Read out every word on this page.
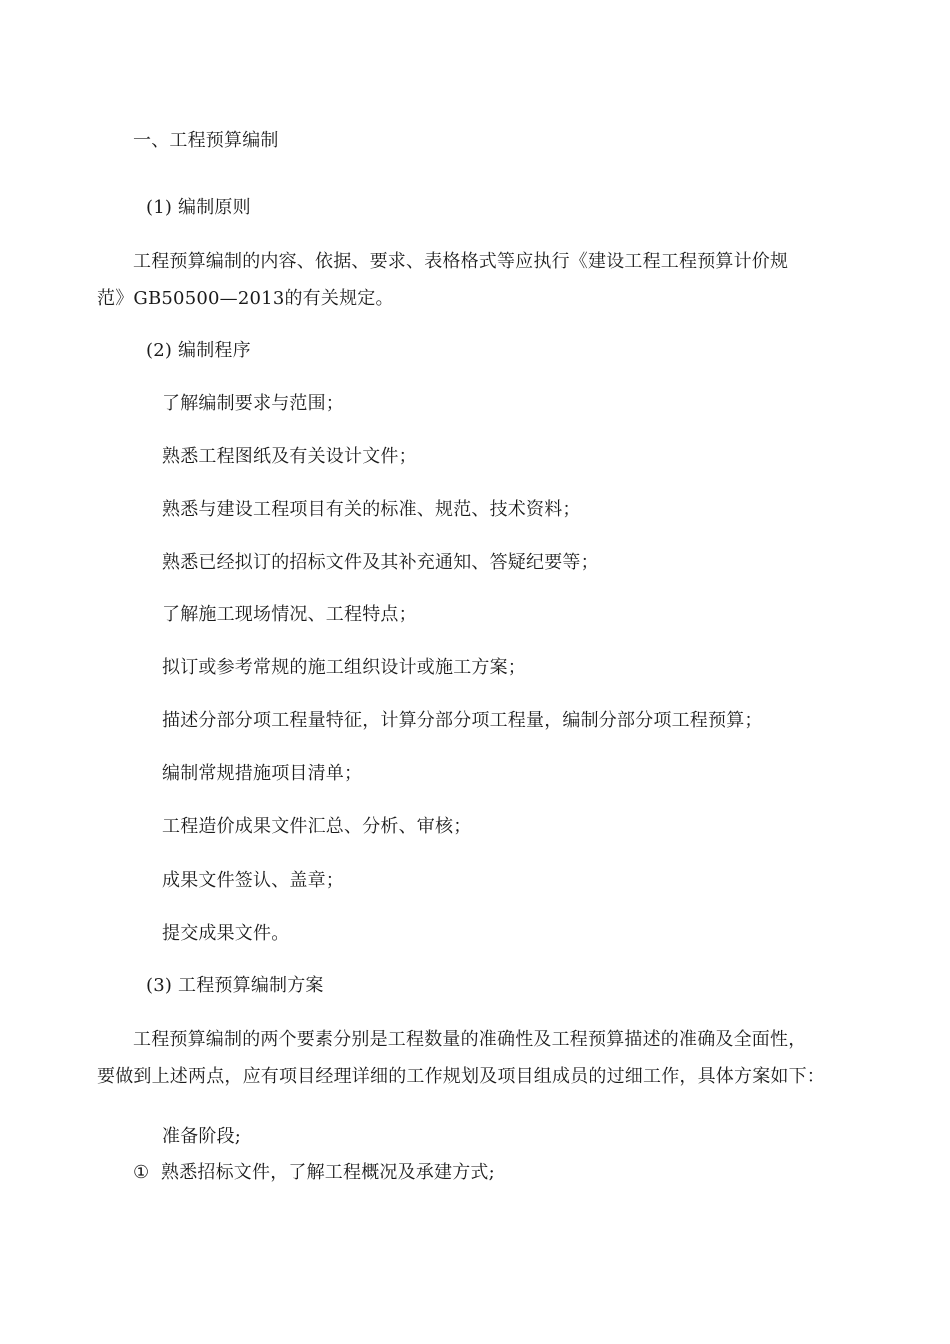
一、工程预算编制
(1) 编制原则
工程预算编制的内容、依据、要求、表格格式等应执行《建设工程工程预算计价规
范》GB50500—2013的有关规定。
(2) 编制程序
了解编制要求与范围；
熟悉工程图纸及有关设计文件；
熟悉与建设工程项目有关的标准、规范、技术资料；
熟悉已经拟订的招标文件及其补充通知、答疑纪要等；
了解施工现场情况、工程特点；
拟订或参考常规的施工组织设计或施工方案；
描述分部分项工程量特征，计算分部分项工程量，编制分部分项工程预算；
编制常规措施项目清单；
工程造价成果文件汇总、分析、审核；
成果文件签认、盖章；
提交成果文件。
(3) 工程预算编制方案
工程预算编制的两个要素分别是工程数量的准确性及工程预算描述的准确及全面性，
要做到上述两点，应有项目经理详细的工作规划及项目组成员的过细工作，具体方案如下：
准备阶段;
① 熟悉招标文件，了解工程概况及承建方式;
